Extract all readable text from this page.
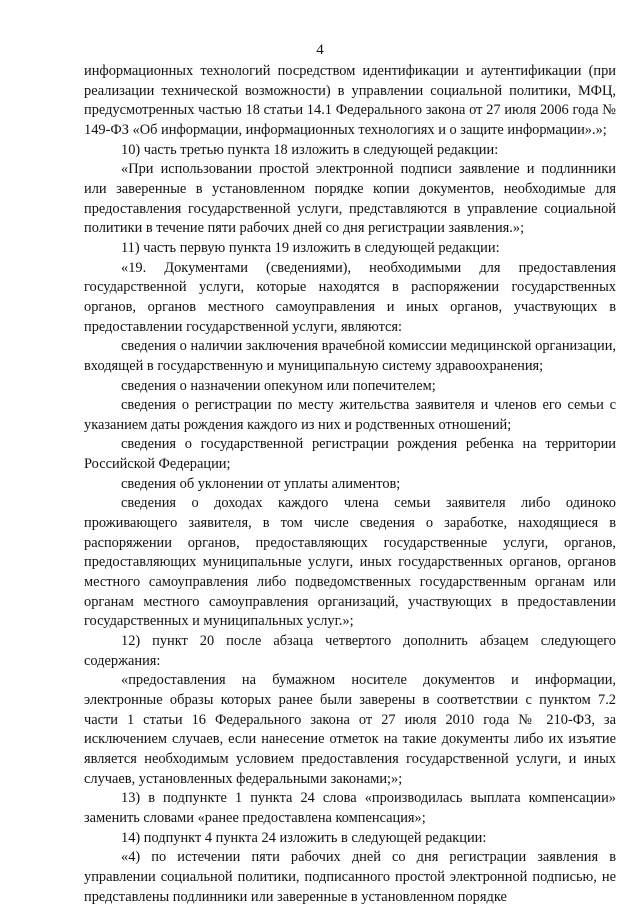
4

информационных технологий посредством идентификации и аутентификации (при реализации технической возможности) в управлении социальной политики, МФЦ, предусмотренных частью 18 статьи 14.1 Федерального закона от 27 июля 2006 года № 149-ФЗ «Об информации, информационных технологиях и о защите информации».»;

10) часть третью пункта 18 изложить в следующей редакции:

«При использовании простой электронной подписи заявление и подлинники или заверенные в установленном порядке копии документов, необходимые для предоставления государственной услуги, представляются в управление социальной политики в течение пяти рабочих дней со дня регистрации заявления.»;

11) часть первую пункта 19 изложить в следующей редакции:

«19. Документами (сведениями), необходимыми для предоставления государственной услуги, которые находятся в распоряжении государственных органов, органов местного самоуправления и иных органов, участвующих в предоставлении государственной услуги, являются:

сведения о наличии заключения врачебной комиссии медицинской организации, входящей в государственную и муниципальную систему здравоохранения;

сведения о назначении опекуном или попечителем;

сведения о регистрации по месту жительства заявителя и членов его семьи с указанием даты рождения каждого из них и родственных отношений;

сведения о государственной регистрации рождения ребенка на территории Российской Федерации;

сведения об уклонении от уплаты алиментов;

сведения о доходах каждого члена семьи заявителя либо одиноко проживающего заявителя, в том числе сведения о заработке, находящиеся в распоряжении органов, предоставляющих государственные услуги, органов, предоставляющих муниципальные услуги, иных государственных органов, органов местного самоуправления либо подведомственных государственным органам или органам местного самоуправления организаций, участвующих в предоставлении государственных и муниципальных услуг.»;

12) пункт 20 после абзаца четвертого дополнить абзацем следующего содержания:

«предоставления на бумажном носителе документов и информации, электронные образы которых ранее были заверены в соответствии с пунктом 7.2 части 1 статьи 16 Федерального закона от 27 июля 2010 года № 210-ФЗ, за исключением случаев, если нанесение отметок на такие документы либо их изъятие является необходимым условием предоставления государственной услуги, и иных случаев, установленных федеральными законами;»;

13) в подпункте 1 пункта 24 слова «производилась выплата компенсации» заменить словами «ранее предоставлена компенсация»;

14) подпункт 4 пункта 24 изложить в следующей редакции:

«4) по истечении пяти рабочих дней со дня регистрации заявления в управлении социальной политики, подписанного простой электронной подписью, не представлены подлинники или заверенные в установленном порядке
